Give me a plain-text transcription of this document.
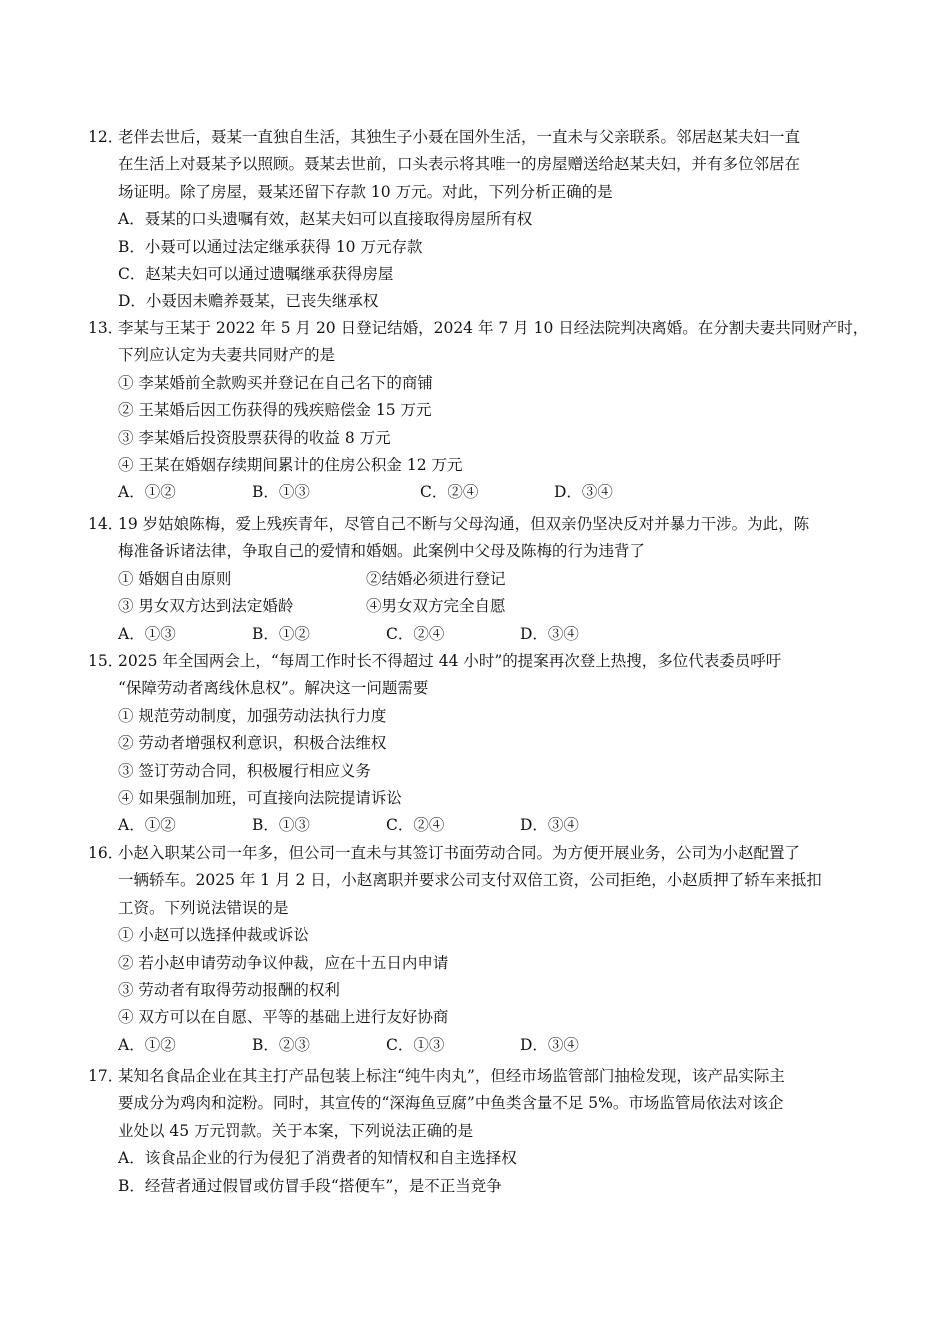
12．
老伴去世后，聂某一直独自生活，其独生子小聂在国外生活，一直未与父亲联系。邻居赵某夫妇一直
在生活上对聂某予以照顾。聂某去世前，口头表示将其唯一的房屋赠送给赵某夫妇，并有多位邻居在
场证明。除了房屋，聂某还留下存款 10 万元。对此，下列分析正确的是
A．聂某的口头遗嘱有效，赵某夫妇可以直接取得房屋所有权
B．小聂可以通过法定继承获得 10 万元存款
C．赵某夫妇可以通过遗嘱继承获得房屋
D．小聂因未赡养聂某，已丧失继承权
13．
李某与王某于 2022 年 5 月 20 日登记结婚，2024 年 7 月 10 日经法院判决离婚。在分割夫妻共同财产时，
下列应认定为夫妻共同财产的是
① 李某婚前全款购买并登记在自己名下的商铺
② 王某婚后因工伤获得的残疾赔偿金 15 万元
③ 李某婚后投资股票获得的收益 8 万元
④ 王某在婚姻存续期间累计的住房公积金 12 万元
A．①②	B．①③	C．②④	D．③④
14．
19 岁姑娘陈梅，爱上残疾青年，尽管自己不断与父母沟通，但双亲仍坚决反对并暴力干涉。为此，陈
梅准备诉诸法律，争取自己的爱情和婚姻。此案例中父母及陈梅的行为违背了
① 婚姻自由原则	②结婚必须进行登记
③ 男女双方达到法定婚龄	④男女双方完全自愿
A．①③	B．①②	C．②④	D．③④
15．
2025 年全国两会上，“每周工作时长不得超过 44 小时”的提案再次登上热搜，多位代表委员呼吁
“保障劳动者离线休息权”。解决这一问题需要
① 规范劳动制度，加强劳动法执行力度
② 劳动者增强权利意识，积极合法维权
③ 签订劳动合同，积极履行相应义务
④ 如果强制加班，可直接向法院提请诉讼
A．①②	B．①③	C．②④	D．③④
16．
小赵入职某公司一年多，但公司一直未与其签订书面劳动合同。为方便开展业务，公司为小赵配置了
一辆轿车。2025 年 1 月 2 日，小赵离职并要求公司支付双倍工资，公司拒绝，小赵质押了轿车来抵扣
工资。下列说法错误的是
① 小赵可以选择仲裁或诉讼
② 若小赵申请劳动争议仲裁，应在十五日内申请
③ 劳动者有取得劳动报酬的权利
④ 双方可以在自愿、平等的基础上进行友好协商
A．①②	B．②③	C．①③	D．③④
17．
某知名食品企业在其主打产品包装上标注“纯牛肉丸”，但经市场监管部门抽检发现，该产品实际主
要成分为鸡肉和淀粉。同时，其宣传的“深海鱼豆腐”中鱼类含量不足 5%。市场监管局依法对该企
业处以 45 万元罚款。关于本案，下列说法正确的是
A．该食品企业的行为侵犯了消费者的知情权和自主选择权
B．经营者通过假冒或仿冒手段“搭便车”，是不正当竞争
